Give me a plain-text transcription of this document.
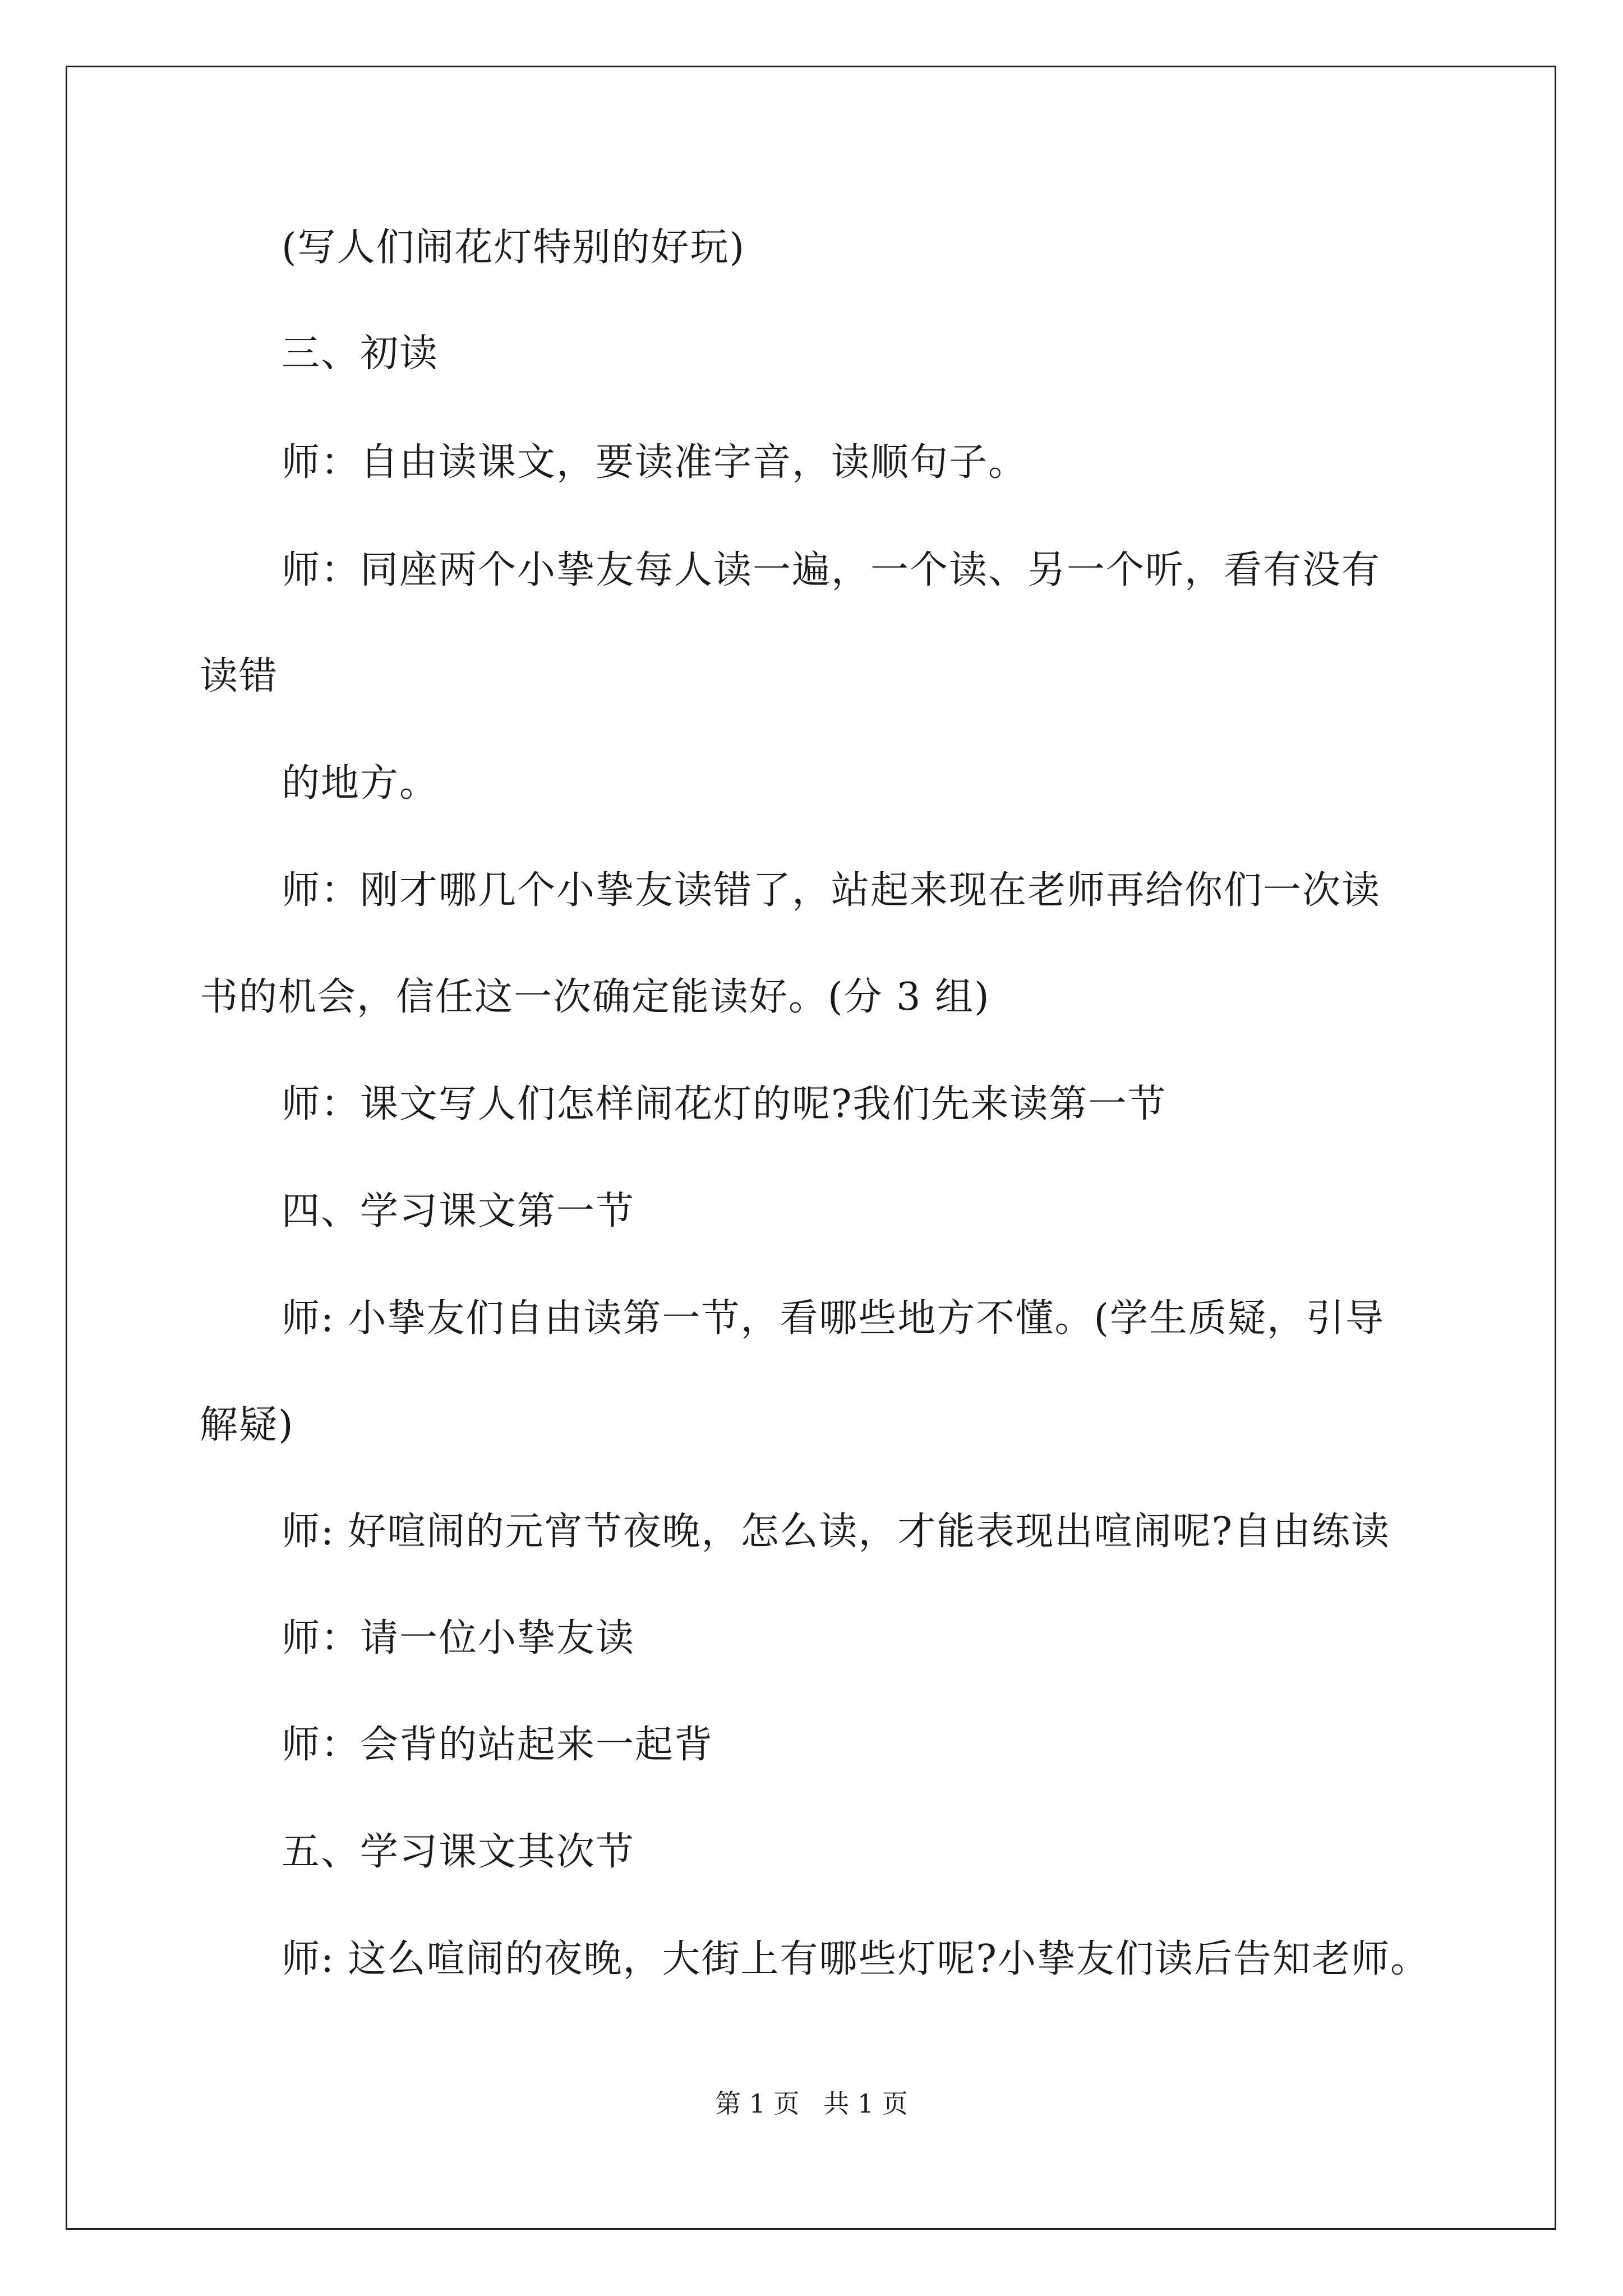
(写人们闹花灯特别的好玩)
三、初读
师：自由读课文，要读准字音，读顺句子。
师：同座两个小挚友每人读一遍，一个读、另一个听，看有没有
读错
的地方。
师：刚才哪几个小挚友读错了，站起来现在老师再给你们一次读
书的机会，信任这一次确定能读好。(分 3 组)
师：课文写人们怎样闹花灯的呢?我们先来读第一节
四、学习课文第一节
师: 小挚友们自由读第一节，看哪些地方不懂。(学生质疑，引导
解疑)
师: 好喧闹的元宵节夜晚，怎么读，才能表现出喧闹呢?自由练读
师：请一位小挚友读
师：会背的站起来一起背
五、学习课文其次节
师: 这么喧闹的夜晚，大街上有哪些灯呢?小挚友们读后告知老师。
第 1 页 共 1 页
